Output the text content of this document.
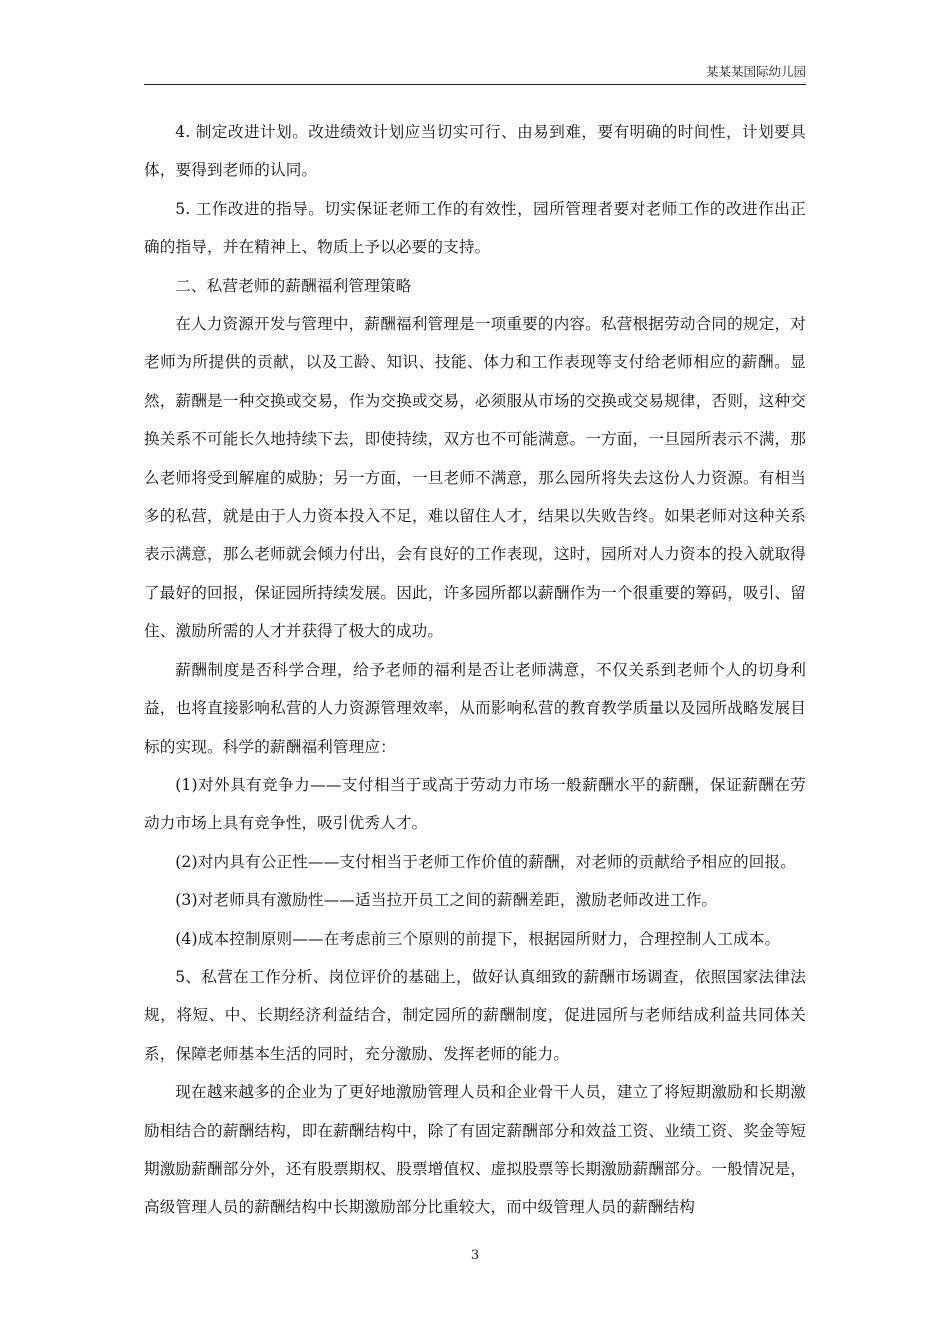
某某某国际幼儿园

4. 制定改进计划。改进绩效计划应当切实可行、由易到难，要有明确的时间性，计划要具体，要得到老师的认同。

5. 工作改进的指导。切实保证老师工作的有效性，园所管理者要对老师工作的改进作出正确的指导，并在精神上、物质上予以必要的支持。

二、私营老师的薪酬福利管理策略

在人力资源开发与管理中，薪酬福利管理是一项重要的内容。私营根据劳动合同的规定，对老师为所提供的贡献，以及工龄、知识、技能、体力和工作表现等支付给老师相应的薪酬。显然，薪酬是一种交换或交易，作为交换或交易，必须服从市场的交换或交易规律，否则，这种交换关系不可能长久地持续下去，即使持续，双方也不可能满意。一方面，一旦园所表示不满，那么老师将受到解雇的威胁；另一方面，一旦老师不满意，那么园所将失去这份人力资源。有相当多的私营，就是由于人力资本投入不足，难以留住人才，结果以失败告终。如果老师对这种关系表示满意，那么老师就会倾力付出，会有良好的工作表现，这时，园所对人力资本的投入就取得了最好的回报，保证园所持续发展。因此，许多园所都以薪酬作为一个很重要的筹码，吸引、留住、激励所需的人才并获得了极大的成功。

薪酬制度是否科学合理，给予老师的福利是否让老师满意，不仅关系到老师个人的切身利益，也将直接影响私营的人力资源管理效率，从而影响私营的教育教学质量以及园所战略发展目标的实现。科学的薪酬福利管理应：

(1)对外具有竞争力——支付相当于或高于劳动力市场一般薪酬水平的薪酬，保证薪酬在劳动力市场上具有竞争性，吸引优秀人才。

(2)对内具有公正性——支付相当于老师工作价值的薪酬，对老师的贡献给予相应的回报。

(3)对老师具有激励性——适当拉开员工之间的薪酬差距，激励老师改进工作。

(4)成本控制原则——在考虑前三个原则的前提下，根据园所财力，合理控制人工成本。

5、私营在工作分析、岗位评价的基础上，做好认真细致的薪酬市场调查，依照国家法律法规，将短、中、长期经济利益结合，制定园所的薪酬制度，促进园所与老师结成利益共同体关系，保障老师基本生活的同时，充分激励、发挥老师的能力。

现在越来越多的企业为了更好地激励管理人员和企业骨干人员，建立了将短期激励和长期激励相结合的薪酬结构，即在薪酬结构中，除了有固定薪酬部分和效益工资、业绩工资、奖金等短期激励薪酬部分外，还有股票期权、股票增值权、虚拟股票等长期激励薪酬部分。一般情况是，高级管理人员的薪酬结构中长期激励部分比重较大，而中级管理人员的薪酬结构

3
